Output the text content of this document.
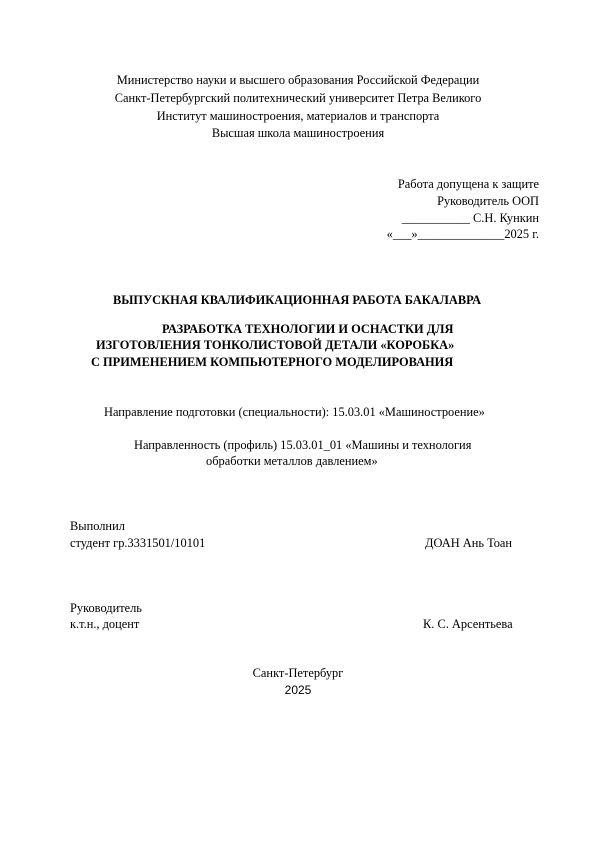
Министерство науки и высшего образования Российской Федерации
Санкт-Петербургский политехнический университет Петра Великого
Институт машиностроения, материалов и транспорта
Высшая школа машиностроения
Работа допущена к защите
Руководитель ООП
___________ С.Н. Кункин
«___»______________2025 г.
ВЫПУСКНАЯ КВАЛИФИКАЦИОННАЯ РАБОТА БАКАЛАВРА
РАЗРАБОТКА ТЕХНОЛОГИИ И ОСНАСТКИ ДЛЯ
ИЗГОТОВЛЕНИЯ ТОНКОЛИСТОВОЙ ДЕТАЛИ «КОРОБКА»
С ПРИМЕНЕНИЕМ КОМПЬЮТЕРНОГО МОДЕЛИРОВАНИЯ
Направление подготовки (специальности): 15.03.01 «Машиностроение»
Направленность (профиль) 15.03.01_01 «Машины и технология
обработки металлов давлением»
Выполнил
студент гр.3331501/10101	ДОАН Ань Тоан
Руководитель
к.т.н., доцент	К. С. Арсентьева
Санкт-Петербург
2025
